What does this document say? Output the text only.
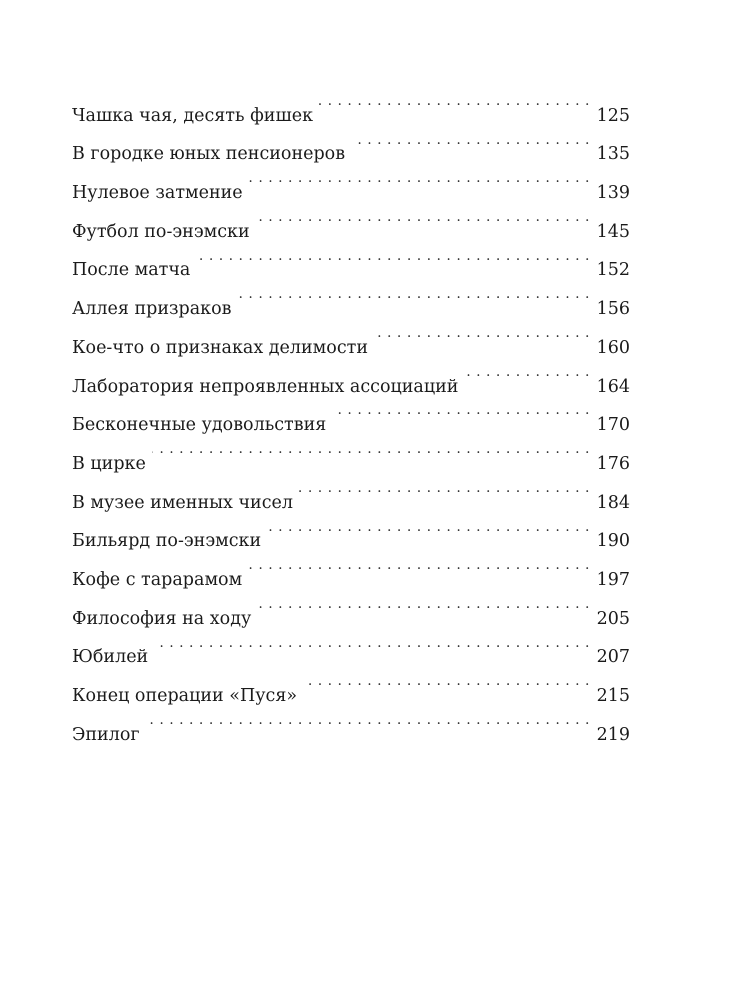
Чашка чая, десять фишек . . .	125
В городке юных пенсионеров . . .	135
Нулевое затмение . . .	139
Футбол по-энэмски . . .	145
После матча . . .	152
Аллея призраков . . .	156
Кое-что о признаках делимости . . .	160
Лаборатория непроявленных ассоциаций . . .	164
Бесконечные удовольствия . . .	170
В цирке . . .	176
В музее именных чисел . . .	184
Бильярд по-энэмски . . .	190
Кофе с тарарамом . . .	197
Философия на ходу . . .	205
Юбилей . . .	207
Конец операции «Пуся» . . .	215
Эпилог . . .	219
